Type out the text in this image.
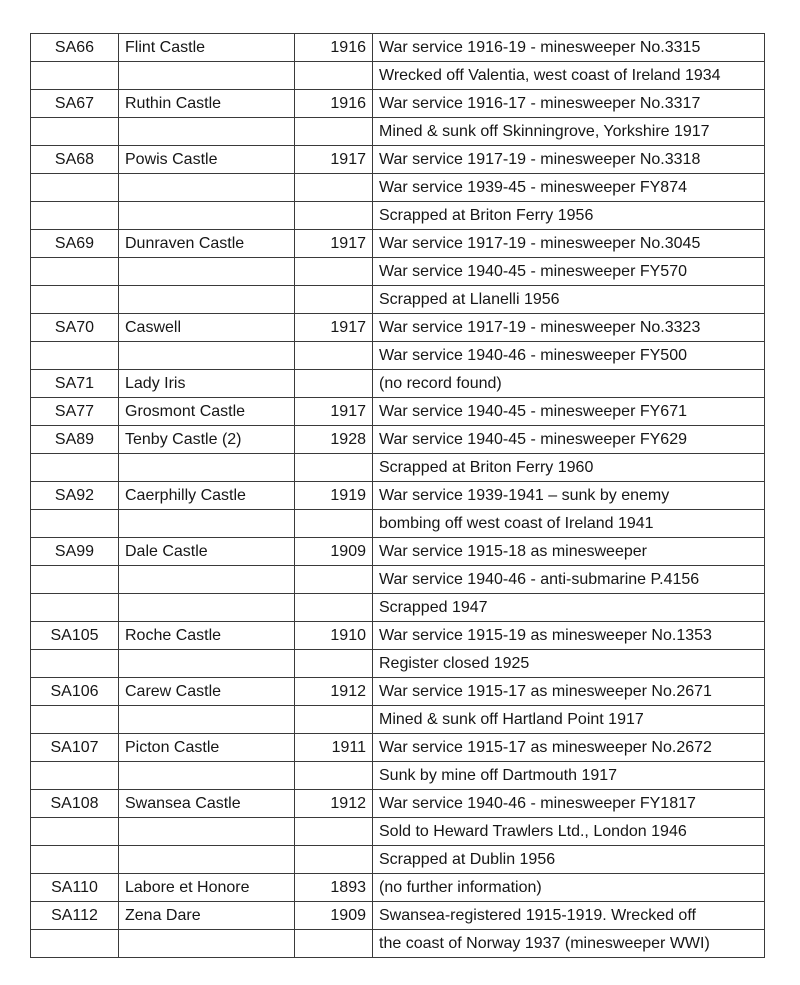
SA66	Flint Castle	1916	War service 1916-19 - minesweeper No.3315
			Wrecked off Valentia, west coast of Ireland 1934
SA67	Ruthin Castle	1916	War service 1916-17 - minesweeper No.3317
			Mined & sunk off Skinningrove, Yorkshire 1917
SA68	Powis Castle	1917	War service 1917-19 - minesweeper No.3318
			War service 1939-45 - minesweeper FY874
			Scrapped at Briton Ferry 1956
SA69	Dunraven Castle	1917	War service 1917-19 - minesweeper No.3045
			War service 1940-45 - minesweeper FY570
			Scrapped at Llanelli 1956
SA70	Caswell	1917	War service 1917-19 - minesweeper No.3323
			War service 1940-46 - minesweeper FY500
SA71	Lady Iris		(no record found)
SA77	Grosmont Castle	1917	War service 1940-45 - minesweeper FY671
SA89	Tenby Castle (2)	1928	War service 1940-45 - minesweeper FY629
			Scrapped at Briton Ferry 1960
SA92	Caerphilly Castle	1919	War service 1939-1941 – sunk by enemy
			bombing off west coast of Ireland 1941
SA99	Dale Castle	1909	War service 1915-18 as minesweeper
			War service 1940-46 - anti-submarine P.4156
			Scrapped 1947
SA105	Roche Castle	1910	War service 1915-19 as minesweeper No.1353
			Register closed 1925
SA106	Carew Castle	1912	War service 1915-17 as minesweeper No.2671
			Mined & sunk off Hartland Point 1917
SA107	Picton Castle	1911	War service 1915-17 as minesweeper No.2672
			Sunk by mine off Dartmouth 1917
SA108	Swansea Castle	1912	War service 1940-46 - minesweeper FY1817
			Sold to Heward Trawlers Ltd., London 1946
			Scrapped at Dublin 1956
SA110	Labore et Honore	1893	(no further information)
SA112	Zena Dare	1909	Swansea-registered 1915-1919. Wrecked off
			the coast of Norway 1937 (minesweeper WWI)
